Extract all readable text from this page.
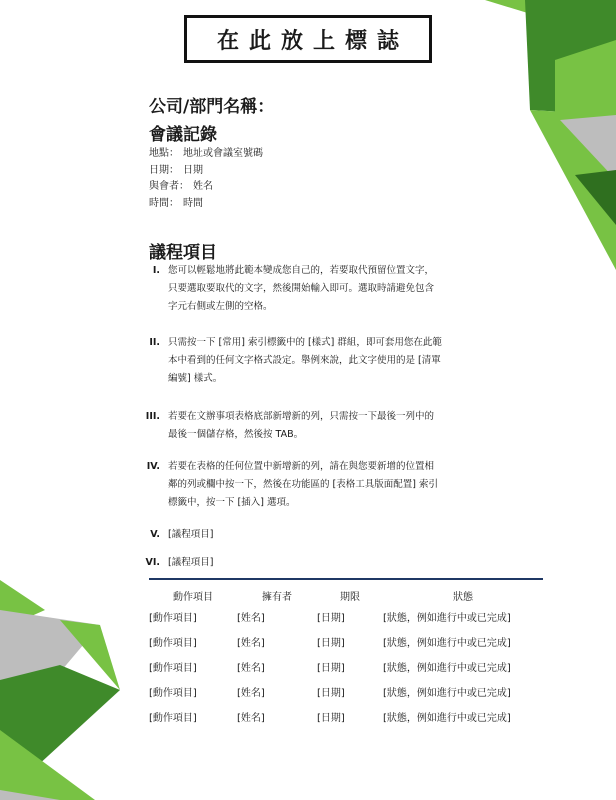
在此放上標誌
公司/部門名稱：
會議記錄
地點： 地址或會議室號碼
日期： 日期
與會者： 姓名
時間： 時間
議程項目
I. 您可以輕鬆地將此範本變成您自己的，若要取代預留位置文字，
只要選取要取代的文字，然後開始輸入即可。選取時請避免包含
字元右側或左側的空格。
II. 只需按一下 [常用] 索引標籤中的 [樣式] 群組，即可套用您在此範
本中看到的任何文字格式設定。舉例來說，此文字使用的是 [清單
編號] 樣式。
III. 若要在文辦事項表格底部新增新的列，只需按一下最後一列中的
最後一個儲存格，然後按 TAB。
IV. 若要在表格的任何位置中新增新的列，請在與您要新增的位置相
鄰的列或欄中按一下，然後在功能區的 [表格工具版面配置] 索引
標籤中，按一下 [插入] 選項。
V. [議程項目]
VI. [議程項目]
動作項目	擁有者	期限	狀態
[動作項目]	[姓名]	[日期]	[狀態，例如進行中或已完成]
[動作項目]	[姓名]	[日期]	[狀態，例如進行中或已完成]
[動作項目]	[姓名]	[日期]	[狀態，例如進行中或已完成]
[動作項目]	[姓名]	[日期]	[狀態，例如進行中或已完成]
[動作項目]	[姓名]	[日期]	[狀態，例如進行中或已完成]
